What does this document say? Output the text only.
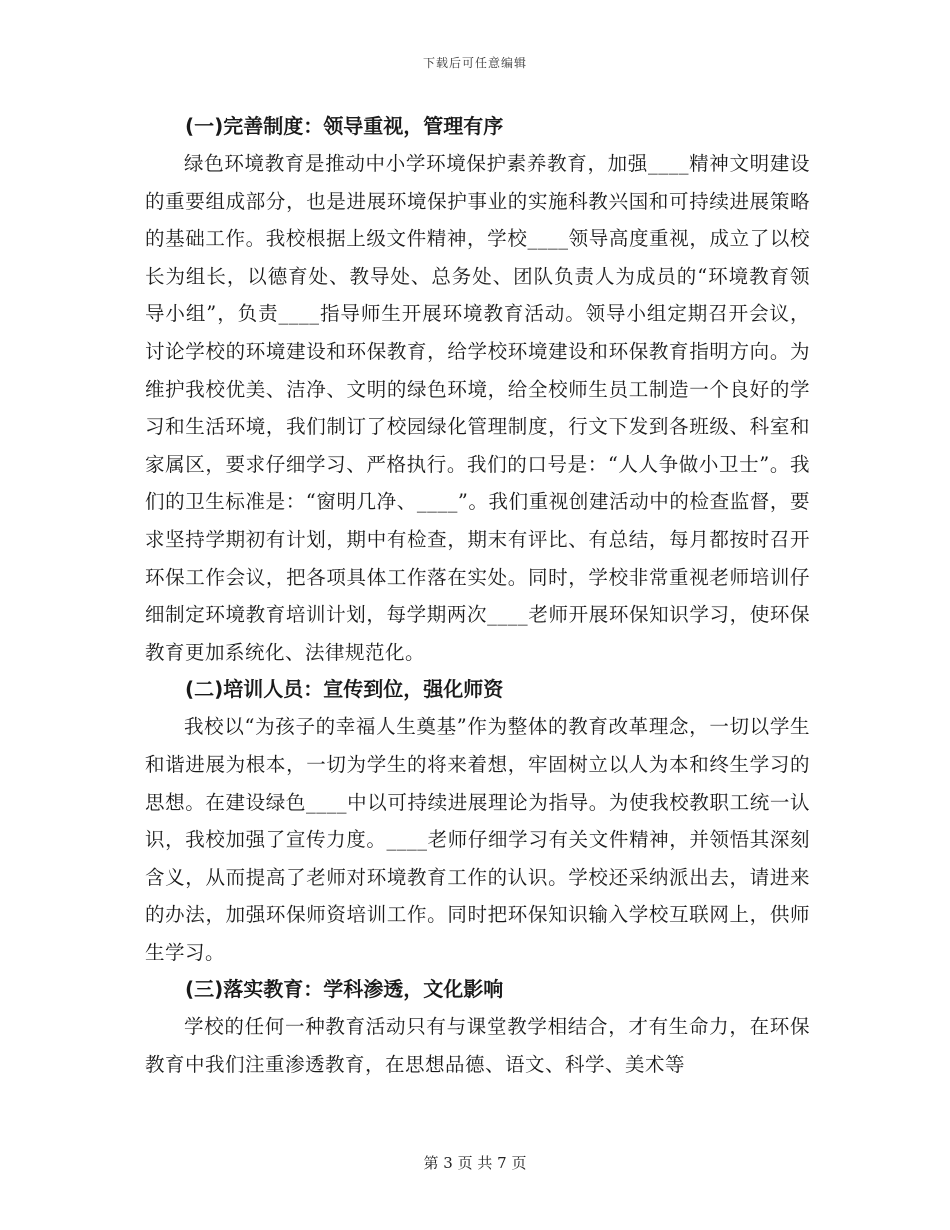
下载后可任意编辑
(一)完善制度：领导重视，管理有序

绿色环境教育是推动中小学环境保护素养教育，加强____精神文明建设的重要组成部分，也是进展环境保护事业的实施科教兴国和可持续进展策略的基础工作。我校根据上级文件精神，学校____领导高度重视，成立了以校长为组长，以德育处、教导处、总务处、团队负责人为成员的“环境教育领导小组”，负责____指导师生开展环境教育活动。领导小组定期召开会议，讨论学校的环境建设和环保教育，给学校环境建设和环保教育指明方向。为维护我校优美、洁净、文明的绿色环境，给全校师生员工制造一个良好的学习和生活环境，我们制订了校园绿化管理制度，行文下发到各班级、科室和家属区，要求仔细学习、严格执行。我们的口号是：“人人争做小卫士”。我们的卫生标准是：“窗明几净、____”。我们重视创建活动中的检查监督，要求坚持学期初有计划，期中有检查，期末有评比、有总结，每月都按时召开环保工作会议，把各项具体工作落在实处。同时，学校非常重视老师培训仔细制定环境教育培训计划，每学期两次____老师开展环保知识学习，使环保教育更加系统化、法律规范化。

(二)培训人员：宣传到位，强化师资

我校以“为孩子的幸福人生奠基”作为整体的教育改革理念，一切以学生和谐进展为根本，一切为学生的将来着想，牢固树立以人为本和终生学习的思想。在建设绿色____中以可持续进展理论为指导。为使我校教职工统一认识，我校加强了宣传力度。____老师仔细学习有关文件精神，并领悟其深刻含义，从而提高了老师对环境教育工作的认识。学校还采纳派出去，请进来的办法，加强环保师资培训工作。同时把环保知识输入学校互联网上，供师生学习。

(三)落实教育：学科渗透，文化影响

学校的任何一种教育活动只有与课堂教学相结合，才有生命力，在环保教育中我们注重渗透教育，在思想品德、语文、科学、美术等

第 3 页 共 7 页
